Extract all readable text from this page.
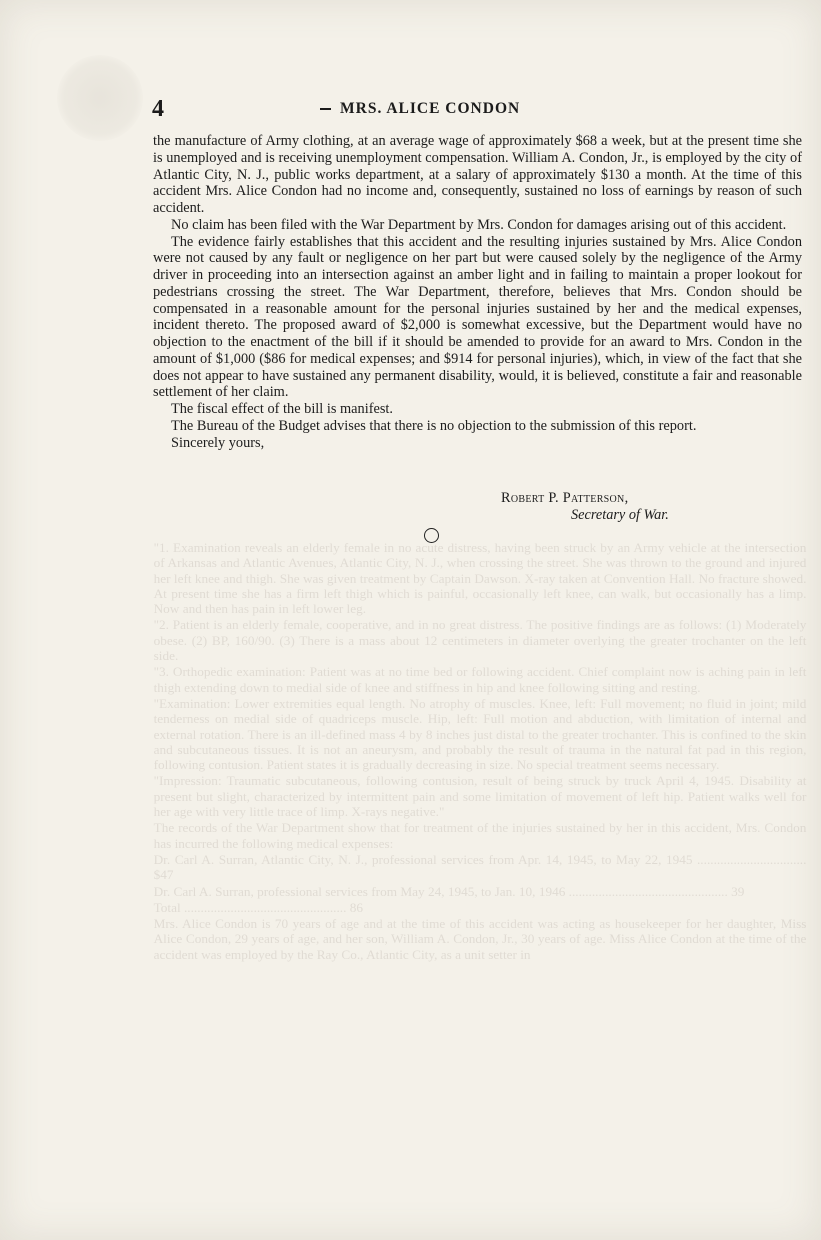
"1. Examination reveals an elderly female in no acute distress, having been struck by an Army vehicle at the intersection of Arkansas and Atlantic Avenues, Atlantic City, N. J., when crossing the street. She was thrown to the ground and injured her left knee and thigh. She was given treatment by Captain Dawson. X-ray taken at Convention Hall. No fracture showed. At present time she has a firm left thigh which is painful, occasionally left knee, can walk, but occasionally has a limp. Now and then has pain in left lower leg.

"2. Patient is an elderly female, cooperative, and in no great distress. The positive findings are as follows: (1) Moderately obese. (2) BP, 160/90. (3) There is a mass about 12 centimeters in diameter overlying the greater trochanter on the left side.

"3. Orthopedic examination: Patient was at no time bed or following accident. Chief complaint now is aching pain in left thigh extending down to medial side of knee and stiffness in hip and knee following sitting and resting.

"Examination: Lower extremities equal length. No atrophy of muscles. Knee, left: Full movement; no fluid in joint; mild tenderness on medial side of quadriceps muscle. Hip, left: Full motion and abduction, with limitation of internal and external rotation. There is an ill-defined mass 4 by 8 inches just distal to the greater trochanter. This is confined to the skin and subcutaneous tissues. It is not an aneurysm, and probably the result of trauma in the natural fat pad in this region, following contusion. Patient states it is gradually decreasing in size. No special treatment seems necessary.

"Impression: Traumatic subcutaneous, following contusion, result of being struck by truck April 4, 1945. Disability at present but slight, characterized by intermittent pain and some limitation of movement of left hip. Patient walks well for her age with very little trace of limp. X-rays negative."

The records of the War Department show that for treatment of the injuries sustained by her in this accident, Mrs. Condon has incurred the following medical expenses:

Dr. Carl A. Surran, Atlantic City, N. J., professional services from Apr. 14, 1945, to May 22, 1945 ................................. $47

Dr. Carl A. Surran, professional services from May 24, 1945, to Jan. 10, 1946 ................................................ 39

Total ................................................. 86

Mrs. Alice Condon is 70 years of age and at the time of this accident was acting as housekeeper for her daughter, Miss Alice Condon, 29 years of age, and her son, William A. Condon, Jr., 30 years of age. Miss Alice Condon at the time of the accident was employed by the Ray Co., Atlantic City, as a unit setter in

4	MRS. ALICE CONDON

the manufacture of Army clothing, at an average wage of approximately $68 a week, but at the present time she is unemployed and is receiving unemployment compensation. William A. Condon, Jr., is employed by the city of Atlantic City, N. J., public works department, at a salary of approximately $130 a month. At the time of this accident Mrs. Alice Condon had no income and, consequently, sustained no loss of earnings by reason of such accident.

No claim has been filed with the War Department by Mrs. Condon for damages arising out of this accident.

The evidence fairly establishes that this accident and the resulting injuries sustained by Mrs. Alice Condon were not caused by any fault or negligence on her part but were caused solely by the negligence of the Army driver in proceeding into an intersection against an amber light and in failing to maintain a proper lookout for pedestrians crossing the street. The War Department, therefore, believes that Mrs. Condon should be compensated in a reasonable amount for the personal injuries sustained by her and the medical expenses, incident thereto. The proposed award of $2,000 is somewhat excessive, but the Department would have no objection to the enactment of the bill if it should be amended to provide for an award to Mrs. Condon in the amount of $1,000 ($86 for medical expenses; and $914 for personal injuries), which, in view of the fact that she does not appear to have sustained any permanent disability, would, it is believed, constitute a fair and reasonable settlement of her claim.

The fiscal effect of the bill is manifest.

The Bureau of the Budget advises that there is no objection to the submission of this report.

Sincerely yours,

Robert P. Patterson,
Secretary of War.
